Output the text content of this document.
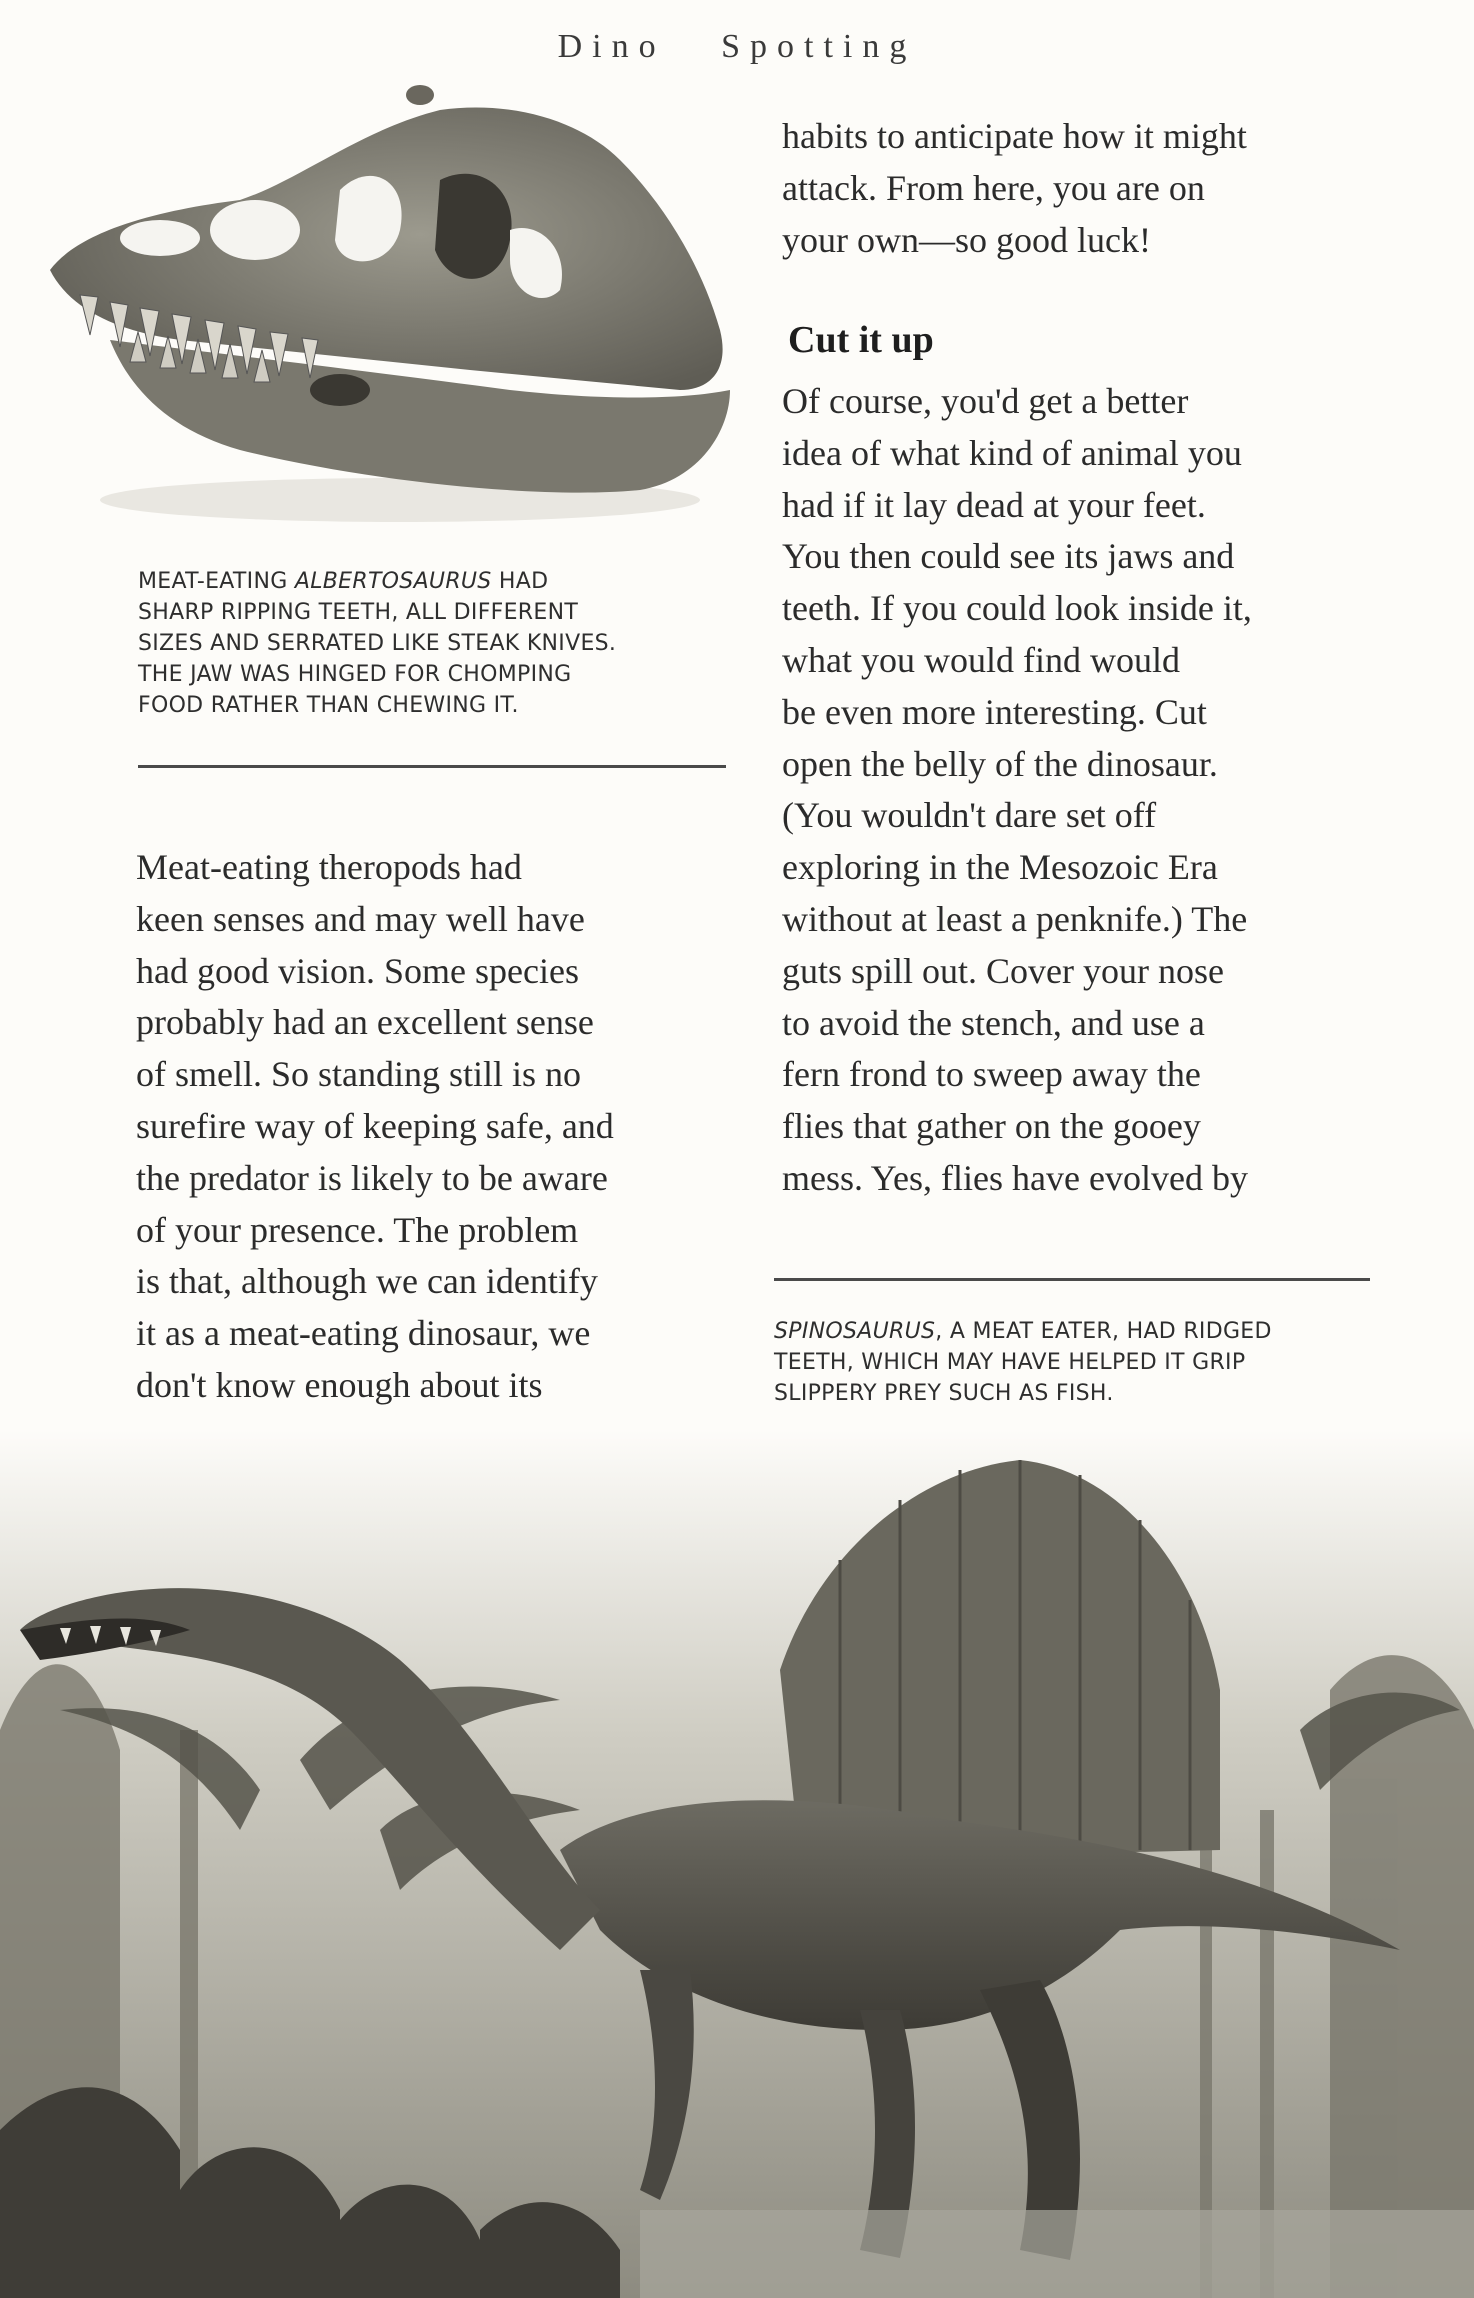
Dino Spotting
MEAT-EATING ALBERTOSAURUS HAD
SHARP RIPPING TEETH, ALL DIFFERENT
SIZES AND SERRATED LIKE STEAK KNIVES.
THE JAW WAS HINGED FOR CHOMPING
FOOD RATHER THAN CHEWING IT.

Meat-eating theropods had
keen senses and may well have
had good vision. Some species
probably had an excellent sense
of smell. So standing still is no
surefire way of keeping safe, and
the predator is likely to be aware
of your presence. The problem
is that, although we can identify
it as a meat-eating dinosaur, we
don't know enough about its

habits to anticipate how it might
attack. From here, you are on
your own—so good luck!

Cut it up

Of course, you'd get a better
idea of what kind of animal you
had if it lay dead at your feet.
You then could see its jaws and
teeth. If you could look inside it,
what you would find would
be even more interesting. Cut
open the belly of the dinosaur.
(You wouldn't dare set off
exploring in the Mesozoic Era
without at least a penknife.) The
guts spill out. Cover your nose
to avoid the stench, and use a
fern frond to sweep away the
flies that gather on the gooey
mess. Yes, flies have evolved by

SPINOSAURUS, A MEAT EATER, HAD RIDGED
TEETH, WHICH MAY HAVE HELPED IT GRIP
SLIPPERY PREY SUCH AS FISH.
